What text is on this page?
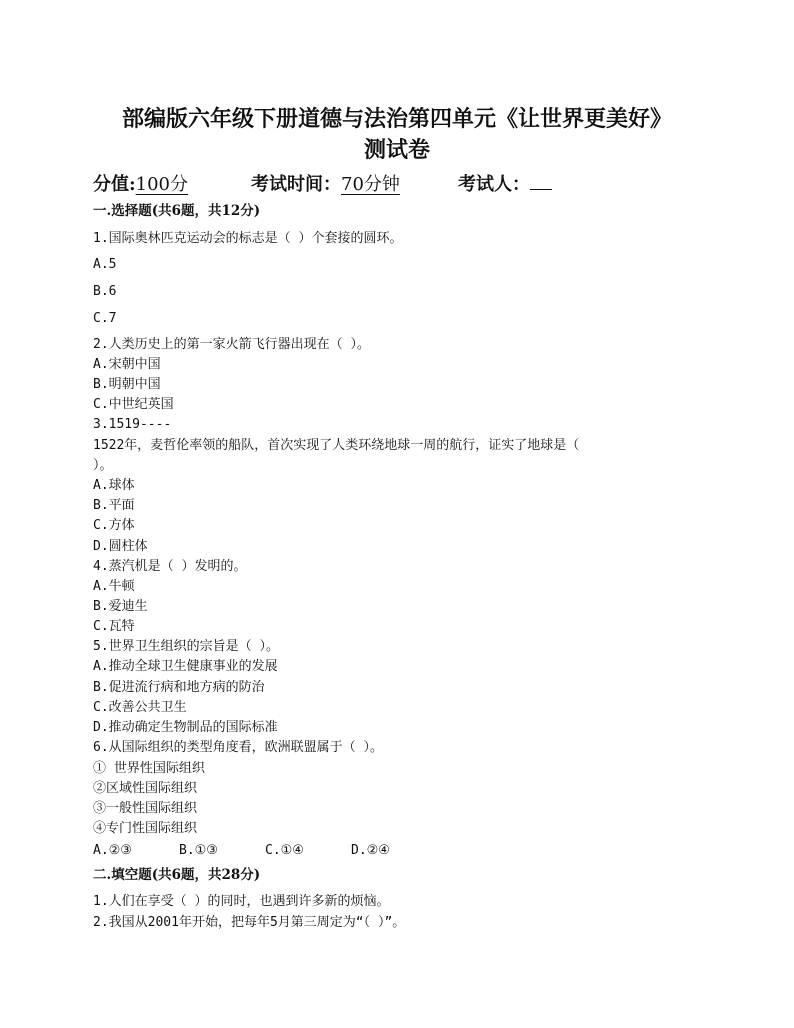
部编版六年级下册道德与法治第四单元《让世界更美好》
测试卷
分值:100分	考试时间：70分钟	考试人：
一.选择题(共6题，共12分)
1.国际奥林匹克运动会的标志是（ ）个套接的圆环。
A.5
B.6
C.7
2.人类历史上的第一家火箭飞行器出现在（ ）。
A.宋朝中国
B.明朝中国
C.中世纪英国
3.1519----
1522年，麦哲伦率领的船队，首次实现了人类环绕地球一周的航行，证实了地球是（
）。
A.球体
B.平面
C.方体
D.圆柱体
4.蒸汽机是（ ）发明的。
A.牛顿
B.爱迪生
C.瓦特
5.世界卫生组织的宗旨是（ ）。
A.推动全球卫生健康事业的发展
B.促进流行病和地方病的防治
C.改善公共卫生
D.推动确定生物制品的国际标准
6.从国际组织的类型角度看，欧洲联盟属于（ ）。
① 世界性国际组织
②区域性国际组织
③一般性国际组织
④专门性国际组织
A.②③	B.①③	C.①④	D.②④
二.填空题(共6题，共28分)
1.人们在享受（ ）的同时，也遇到许多新的烦恼。
2.我国从2001年开始，把每年5月第三周定为“（ ）”。
